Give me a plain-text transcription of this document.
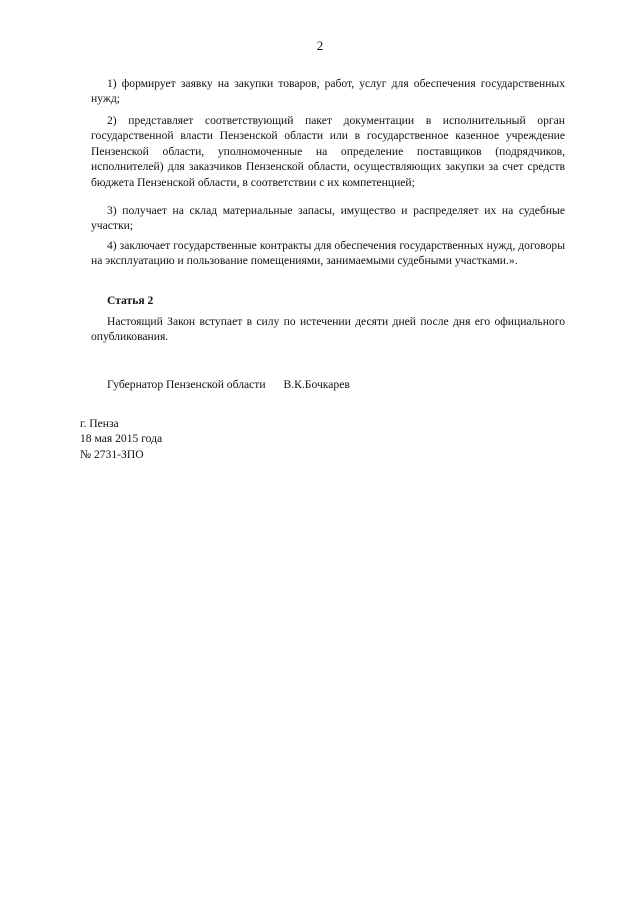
2

1) формирует заявку на закупки товаров, работ, услуг для обеспечения государственных нужд;

2) представляет соответствующий пакет документации в исполнительный орган государственной власти Пензенской области или в государственное казенное учреждение Пензенской области, уполномоченные на определение поставщиков (подрядчиков, исполнителей) для заказчиков Пензенской области, осуществляющих закупки за счет средств бюджета Пензенской области, в соответствии с их компетенцией;

3) получает на склад материальные запасы, имущество и распределяет их на судебные участки;

4) заключает государственные контракты для обеспечения государственных нужд, договоры на эксплуатацию и пользование помещениями, занимаемыми судебными участками.».

Статья 2

Настоящий Закон вступает в силу по истечении десяти дней после дня его официального опубликования.

Губернатор Пензенской области В.К.Бочкарев
г. Пенза
18 мая 2015 года
№ 2731-ЗПО
